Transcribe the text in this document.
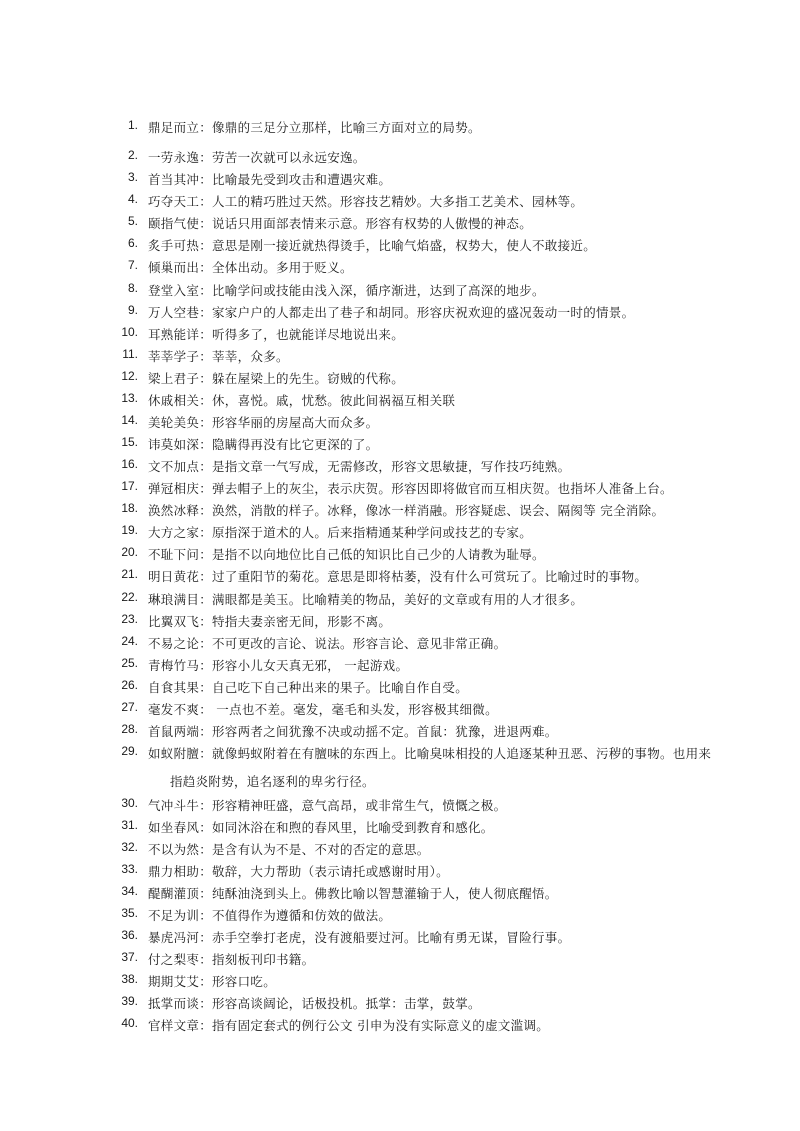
1. 鼎足而立：像鼎的三足分立那样，比喻三方面对立的局势。
2. 一劳永逸：劳苦一次就可以永远安逸。
3. 首当其冲：比喻最先受到攻击和遭遇灾难。
4. 巧夺天工：人工的精巧胜过天然。形容技艺精妙。大多指工艺美术、园林等。
5. 颐指气使：说话只用面部表情来示意。形容有权势的人傲慢的神态。
6. 炙手可热：意思是刚一接近就热得烫手，比喻气焰盛，权势大，使人不敢接近。
7. 倾巢而出：全体出动。多用于贬义。
8. 登堂入室：比喻学问或技能由浅入深，循序渐进，达到了高深的地步。
9. 万人空巷：家家户户的人都走出了巷子和胡同。形容庆祝欢迎的盛况轰动一时的情景。
10. 耳熟能详：听得多了，也就能详尽地说出来。
11. 莘莘学子：莘莘，众多。
12. 梁上君子：躲在屋梁上的先生。窃贼的代称。
13. 休戚相关：休，喜悦。戚，忧愁。彼此间祸福互相关联
14. 美轮美奂：形容华丽的房屋高大而众多。
15. 讳莫如深：隐瞒得再没有比它更深的了。
16. 文不加点：是指文章一气写成，无需修改，形容文思敏捷，写作技巧纯熟。
17. 弹冠相庆：弹去帽子上的灰尘，表示庆贺。形容因即将做官而互相庆贺。也指坏人准备上台。
18. 涣然冰释：涣然，消散的样子。冰释，像冰一样消融。形容疑虑、误会、隔阂等 完全消除。
19. 大方之家：原指深于道术的人。后来指精通某种学问或技艺的专家。
20. 不耻下问：是指不以向地位比自己低的知识比自己少的人请教为耻辱。
21. 明日黄花：过了重阳节的菊花。意思是即将枯萎，没有什么可赏玩了。比喻过时的事物。
22. 琳琅满目：满眼都是美玉。比喻精美的物品，美好的文章或有用的人才很多。
23. 比翼双飞：特指夫妻亲密无间，形影不离。
24. 不易之论：不可更改的言论、说法。形容言论、意见非常正确。
25. 青梅竹马：形容小儿女天真无邪， 一起游戏。
26. 自食其果：自己吃下自己种出来的果子。比喻自作自受。
27. 毫发不爽： 一点也不差。毫发，毫毛和头发，形容极其细微。
28. 首鼠两端：形容两者之间犹豫不决或动摇不定。首鼠：犹豫，进退两难。
29. 如蚁附膻：就像蚂蚁附着在有膻味的东西上。比喻臭味相投的人追逐某种丑恶、污秽的事物。也用来
指趋炎附势，追名逐利的卑劣行径。
30. 气冲斗牛：形容精神旺盛，意气高昂，或非常生气，愤慨之极。
31. 如坐春风：如同沐浴在和煦的春风里，比喻受到教育和感化。
32. 不以为然：是含有认为不是、不对的否定的意思。
33. 鼎力相助：敬辞，大力帮助（表示请托或感谢时用）。
34. 醍醐灌顶：纯酥油浇到头上。佛教比喻以智慧灌输于人，使人彻底醒悟。
35. 不足为训：不值得作为遵循和仿效的做法。
36. 暴虎冯河：赤手空拳打老虎，没有渡船要过河。比喻有勇无谋，冒险行事。
37. 付之梨枣：指刻板刊印书籍。
38. 期期艾艾：形容口吃。
39. 抵掌而谈：形容高谈阔论，话极投机。抵掌：击掌，鼓掌。
40. 官样文章：指有固定套式的例行公文 引申为没有实际意义的虚文滥调。
